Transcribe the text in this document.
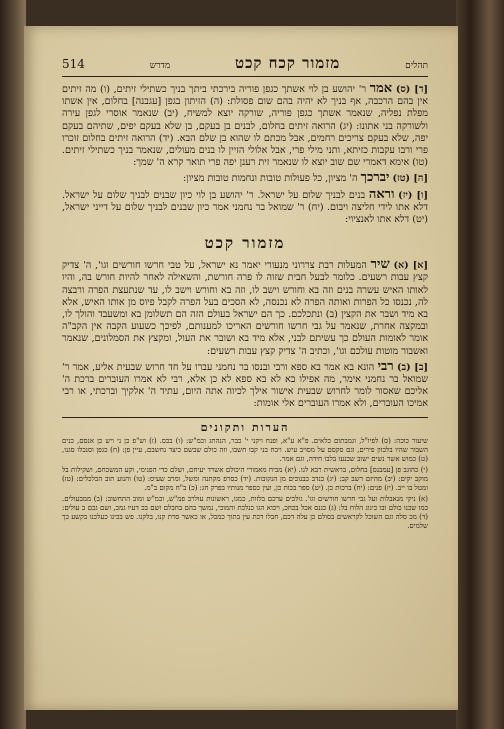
514	מדרש	מזמור קכח קכט	תהלים

[ד] (ס) אמר ר' יהושע בן לוי אשתך כגפן פוריה בירכתי ביתך בניך כשתילי זיתים, (ו) מה זיתים אין בהם הרכבה, אף בניך לא יהיה בהם שום פסולת: (ה) הזיתון בגפן [עגבנה] בחלום, אין אשתו מפלת נפליה, שנאמר אשתך כגפן פוריה, שורקה יוצא למשיח, (יב) שנאמר אוסרי לגפן עירה ולשורקה בני אתונו: (יג) הרואה זיתים בחלום, לבנים בן בעקם, בן שלא בעקם יפים, שתיהם בעקם יפה, שלא בעקם צריכים רחמים, אבל מכתם לו שהוא בן שלם הבא. (יד) הרואה זיתים בחלום זוכרו פרי ורבו עקבות כזיתא, ותני מילי פרי, אבל אלולי הזיין לו בנים מעולים, שנאמר בניך כשתילי זיתים. (טו) אימא דאמרי שם שוב יוצא לו שנאמר זית רענן יפה פרי תואר קרא ה' שמך:

[ה] (טז) יברכך ה' מציון, כל פעולות טובות ונחמות טובות מציון:

[ו] (יז) וראה בנים לבניך שלום על ישראל. ר' יהושע בן לוי כיון שבנים לבניך שלום על ישראל. דלא אתו לידי חליצה ויבום. (יח) ר' שמואל בר נחמני אמר כיון שבנים לבניך שלום על דייני ישראל, (יט) דלא אתו לאנציוי:

מזמור קכט

[א] (א) שיר המעלות רבת צררוני מנעורי יאמר נא ישראל, על טבי חרשו חורשים וגו', ה' צדיק קצץ עבות רשעים. כלומר לבעל חבית שזוה לו פרה חורשת, והשאילה לאחר להיות חורש בה, והיו לאותו האיש עשרה בנים וזה בא וחורש וישב לו, וזה בא וחורש וישב לו, עד שנתעצת הפרה ורבצה לה, נכנסו כל הפרות ואותה הפרה לא נכנסה, לא הסכים בעל הפרה לקבל פיוס מן אותו האיש, אלא בא מיד ושבר את הקצין (ב) ונתכלכם. כך הם ישראל בעולם הזה הם תשלומן בא ומשעבד והולך לו, ובמקצה אחרת, שנאמר על גבי חרשו חורשים האריכו למענותם, לפיכך כשעוע הקבה אין הקב"ה אומר לאומות העולם כך עשיתם לבני, אלא מיד בא ושובר את העול, ומקצץ את הסמלונים, שנאמר ואשבור מוטות עולכם וגו', וכתיב ה' צדיק קצץ עבות רשעים:

[ב] (ב) רבי הונא בא אמר בא ספא ורבי ובנסו בר נחמני עברו על חד חרוש שבעית אליע, אמר ר' שמואל בר נחמני אימר, מה אפילו בא לא בא ספא לא כן אלא, רבי לא אמרו העוברים ברכת ה' אליכם שאסור לומר לחרוש שבעית אישור אילך לכיוה אתה היום, עתיד ה' אלקיך וברכתי, או רבי אמיכו העוברים, ולא אמרו העוברים אלי אומות:

הערות ותקונים

שיעור כוכה: (ס) לפיו"ל, וגמבתום כלאים. פ"א ע"א, ופנח ויקני י' כבר, הנהתג וכמ"ש: (ו) בכס. (ז) וש"פ כן ני ויש כן אנסם, כנים השבור שהיו בלכוון פירים, וגם סקסם על מסויב עיש. ויבח בני קבו חשבו, וזה כולם שבשם כיצד נחשבם, עיין פן: (ח) כגפן וסנכלו סגנו, (ט) כמוש אשר נשים ישוב שכנעו בלבו חידה, וגם אמר.

(י) כהוגב פן [עמבנס] בחלום, בראשית רבא לגו. (יא) מביח מאמורי היכולם אשרד יעיחם, ושלם כדי הפנימי, וקע המשכחם, ושקילות בל מוקב יקים: (יב) מהיזם רשב קב: (יג) כנדב כבנוכים מן הנקובות. (יד) כסרפ מקתנה ומשל, ומרב שעיס: (טו) והנוע תוב הכלכלים: (טז) ומטל בו ייב. (יז) פנים: (יח) ברכות כן. (יט) ספר בכות כן, ועין כספר מנותיו בפרק חג: (כ) ב"ח מקום ב"מ.

(א) ניקי מנאבלות ועל גבי חרשו חורשים וגו'. גולכים ערכם בלזות, כמגו, ראשונות עולרב פמ"ש, וכמ"ש ומוב התחשוב: (ב) ממבעולים. כמו שכנו כולם ובו כינוג הלוח בל: (ג) כגנס אכל בכחכ, ויכוא הגו כנלכת והמוכי, נמשך בהם בחבלם ושם בכ דעיו גמכ, ושם גכם ב עולים: (ד) מכ סלה וגם השוכל לקראשים בסולם כן עלה דכם, חבלו דכת עין בתוך כמכל, או כאשר סרת קנו, בלקנו. פש בכינו כעלכנו בקשע כך שלמים.
